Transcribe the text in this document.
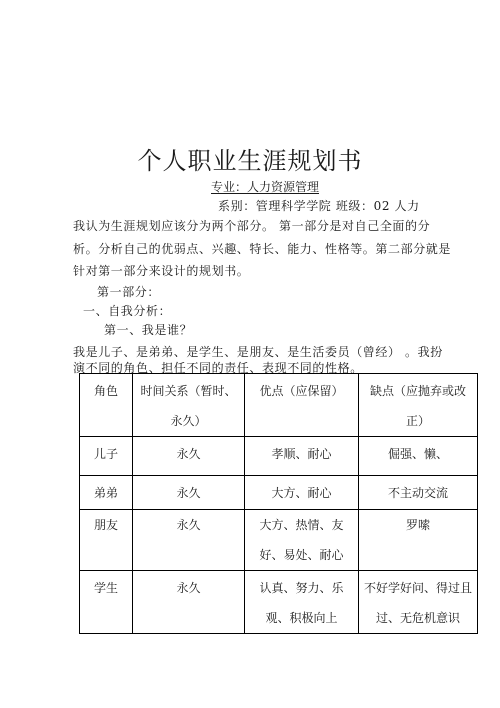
个人职业生涯规划书
专业：人力资源管理
系别：管理科学学院 班级：02 人力
我认为生涯规划应该分为两个部分。 第一部分是对自己全面的分
析。分析自己的优弱点、兴趣、特长、能力、性格等。第二部分就是
针对第一部分来设计的规划书。
第一部分：
一、自我分析：
第一、我是谁？
我是儿子、是弟弟、是学生、是朋友、是生活委员（曾经） 。我扮
演不同的角色、担任不同的责任、表现不同的性格。
角色	时间关系（暂时、永久）	优点（应保留）	缺点（应抛弃或改正）

儿子	永久	孝顺、耐心	倔强、懒、

弟弟	永久	大方、耐心	不主动交流

朋友	永久	大方、热情、友好、易处、耐心	罗嗦

学生	永久	认真、努力、乐观、积极向上	不好学好问、得过且过、无危机意识
